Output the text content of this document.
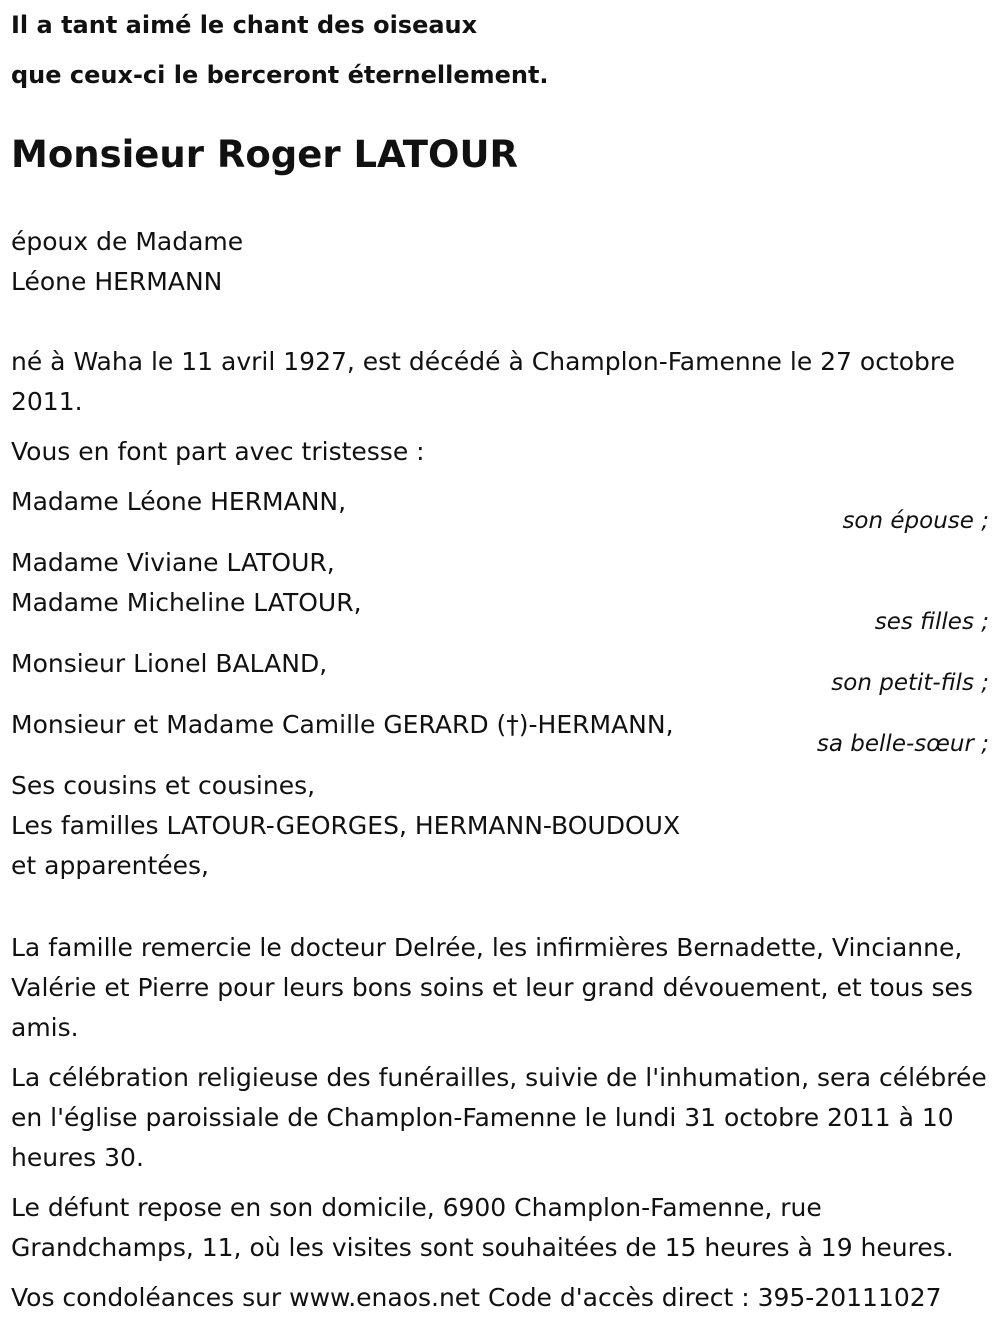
Il a tant aimé le chant des oiseaux

que ceux-ci le berceront éternellement.

Monsieur Roger LATOUR

époux de Madame

Léone HERMANN

né à Waha le 11 avril 1927, est décédé à Champlon-Famenne le 27 octobre 2011.

Vous en font part avec tristesse :

Madame Léone HERMANN,

son épouse ;

Madame Viviane LATOUR,

Madame Micheline LATOUR,

ses filles ;

Monsieur Lionel BALAND,

son petit-fils ;

Monsieur et Madame Camille GERARD (†)-HERMANN,

sa belle-sœur ;

Ses cousins et cousines,

Les familles LATOUR-GEORGES, HERMANN-BOUDOUX

et apparentées,

La famille remercie le docteur Delrée, les infirmières Bernadette, Vincianne, Valérie et Pierre pour leurs bons soins et leur grand dévouement, et tous ses amis.

La célébration religieuse des funérailles, suivie de l'inhumation, sera célébrée en l'église paroissiale de Champlon-Famenne le lundi 31 octobre 2011 à 10 heures 30.

Le défunt repose en son domicile, 6900 Champlon-Famenne, rue Grandchamps, 11, où les visites sont souhaitées de 15 heures à 19 heures.

Vos condoléances sur www.enaos.net Code d'accès direct : 395-20111027
